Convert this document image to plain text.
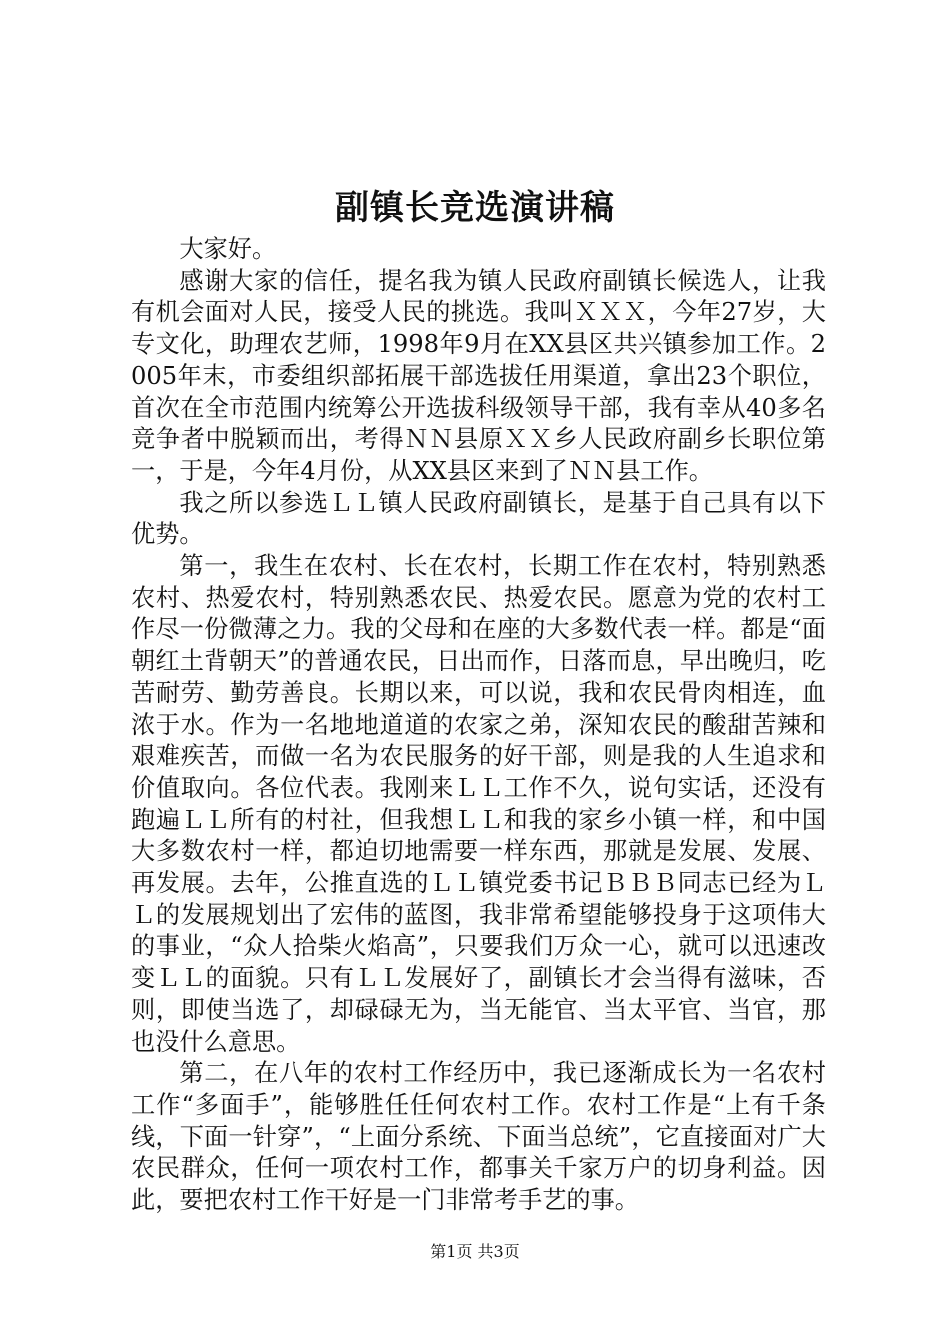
副镇长竞选演讲稿

大家好。

感谢大家的信任，提名我为镇人民政府副镇长候选人，让我有机会面对人民，接受人民的挑选。我叫ＸＸＸ，今年27岁，大专文化，助理农艺师，1998年9月在XX县区共兴镇参加工作。2005年末，市委组织部拓展干部选拔任用渠道，拿出23个职位，首次在全市范围内统筹公开选拔科级领导干部，我有幸从40多名竞争者中脱颖而出，考得ＮＮ县原ＸＸ乡人民政府副乡长职位第一，于是，今年4月份，从XX县区来到了ＮＮ县工作。

我之所以参选ＬＬ镇人民政府副镇长，是基于自己具有以下优势。

第一，我生在农村、长在农村，长期工作在农村，特别熟悉农村、热爱农村，特别熟悉农民、热爱农民。愿意为党的农村工作尽一份微薄之力。我的父母和在座的大多数代表一样。都是“面朝红土背朝天”的普通农民，日出而作，日落而息，早出晚归，吃苦耐劳、勤劳善良。长期以来，可以说，我和农民骨肉相连，血浓于水。作为一名地地道道的农家之弟，深知农民的酸甜苦辣和艰难疾苦，而做一名为农民服务的好干部，则是我的人生追求和价值取向。各位代表。我刚来ＬＬ工作不久，说句实话，还没有跑遍ＬＬ所有的村社，但我想ＬＬ和我的家乡小镇一样，和中国大多数农村一样，都迫切地需要一样东西，那就是发展、发展、再发展。去年，公推直选的ＬＬ镇党委书记ＢＢＢ同志已经为ＬＬ的发展规划出了宏伟的蓝图，我非常希望能够投身于这项伟大的事业，“众人拾柴火焰高”，只要我们万众一心，就可以迅速改变ＬＬ的面貌。只有ＬＬ发展好了，副镇长才会当得有滋味，否则，即使当选了，却碌碌无为，当无能官、当太平官、当官，那也没什么意思。

第二，在八年的农村工作经历中，我已逐渐成长为一名农村工作“多面手”，能够胜任任何农村工作。农村工作是“上有千条线，下面一针穿”，“上面分系统、下面当总统”，它直接面对广大农民群众，任何一项农村工作，都事关千家万户的切身利益。因此，要把农村工作干好是一门非常考手艺的事。

第1页 共3页
